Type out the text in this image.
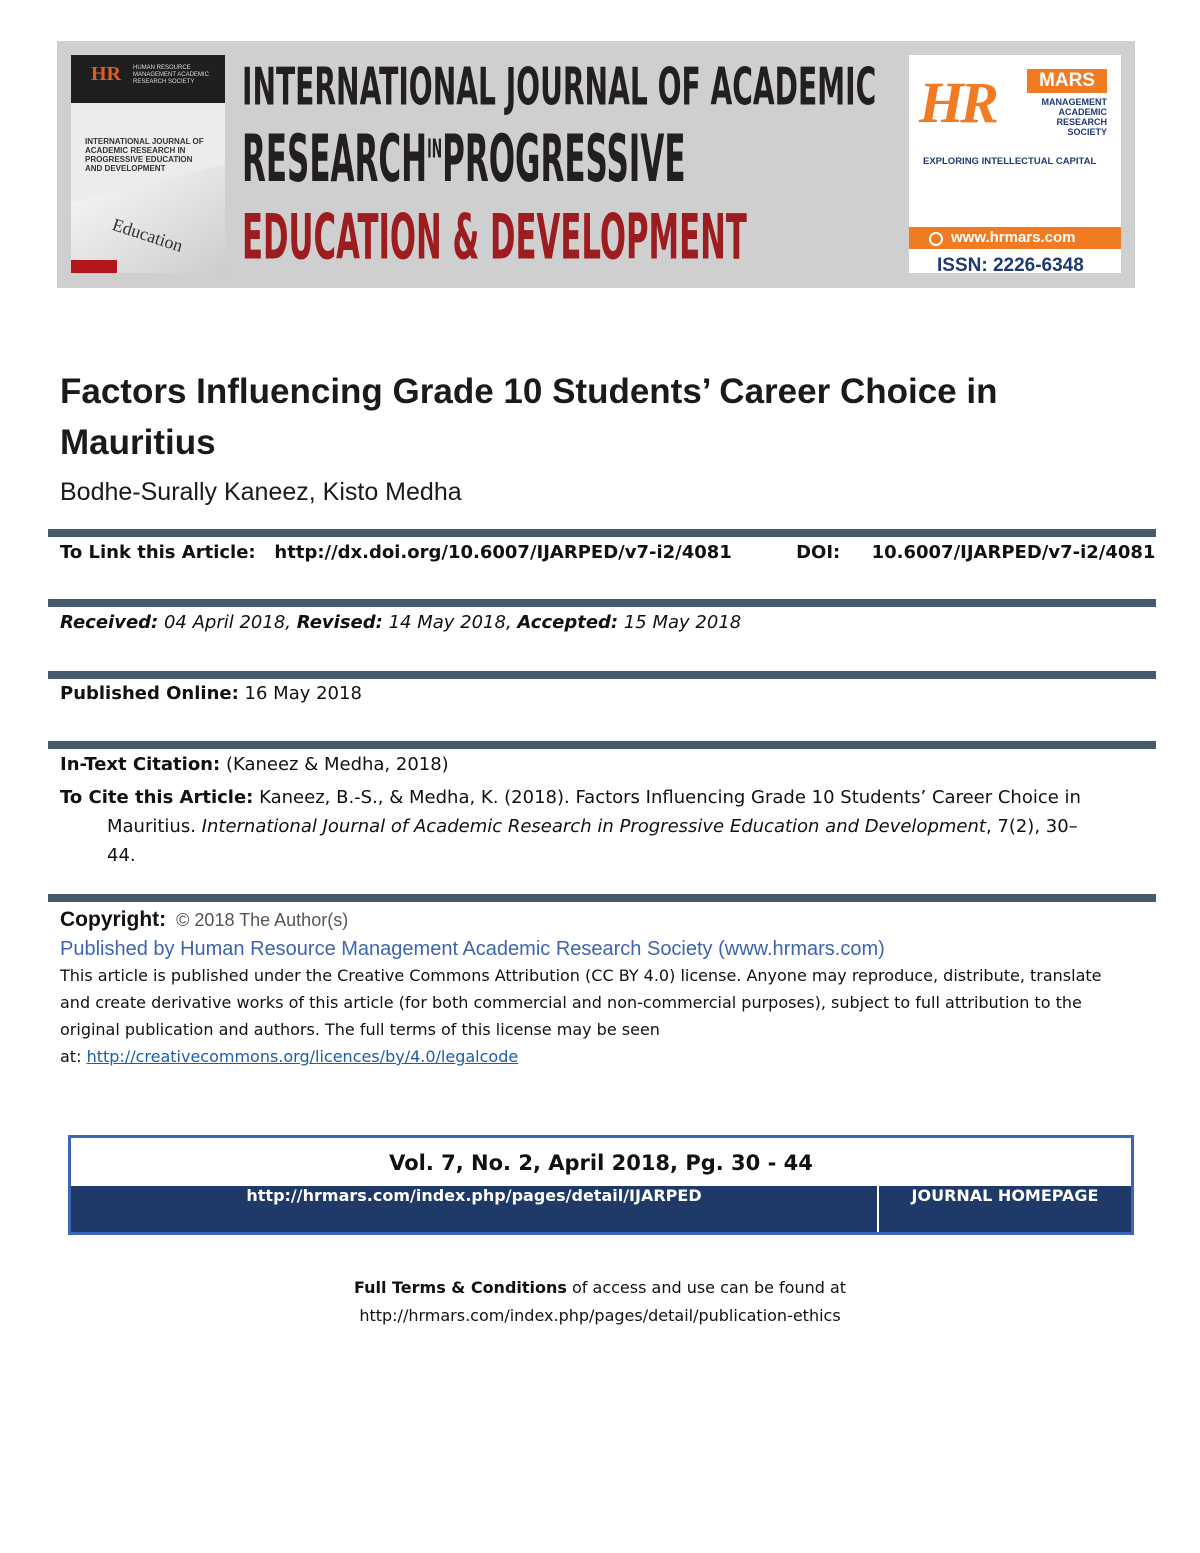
HR HUMAN RESOURCE MANAGEMENT ACADEMIC RESEARCH SOCIETY
INTERNATIONAL JOURNAL OF ACADEMIC RESEARCH IN PROGRESSIVE EDUCATION AND DEVELOPMENT
Education
INTERNATIONAL JOURNAL OF ACADEMIC
$RESEARCH^{IN}PROGRESSIVE$
EDUCATION & DEVELOPMENT
HR	MARS
MANAGEMENT
ACADEMIC
RESEARCH
SOCIETY
EXPLORING INTELLECTUAL CAPITAL
www.hrmars.com
ISSN: 2226-6348
Factors Influencing Grade 10 Students’ Career Choice in Mauritius
Bodhe-Surally Kaneez, Kisto Medha
To Link this Article: http://dx.doi.org/10.6007/IJARPED/v7-i2/4081	DOI: 10.6007/IJARPED/v7-i2/4081
Received: 04 April 2018, Revised: 14 May 2018, Accepted: 15 May 2018
Published Online: 16 May 2018
In-Text Citation: (Kaneez & Medha, 2018)
To Cite this Article: Kaneez, B.-S., & Medha, K. (2018). Factors Influencing Grade 10 Students’ Career Choice in
Mauritius. International Journal of Academic Research in Progressive Education and Development, 7(2), 30–
44.
Copyright: © 2018 The Author(s)
Published by Human Resource Management Academic Research Society (www.hrmars.com)
This article is published under the Creative Commons Attribution (CC BY 4.0) license. Anyone may reproduce, distribute, translate and create derivative works of this article (for both commercial and non-commercial purposes), subject to full attribution to the original publication and authors. The full terms of this license may be seen
at: http://creativecommons.org/licences/by/4.0/legalcode
Vol. 7, No. 2, April 2018, Pg. 30 - 44
http://hrmars.com/index.php/pages/detail/IJARPED	JOURNAL HOMEPAGE
Full Terms & Conditions of access and use can be found at
http://hrmars.com/index.php/pages/detail/publication-ethics
